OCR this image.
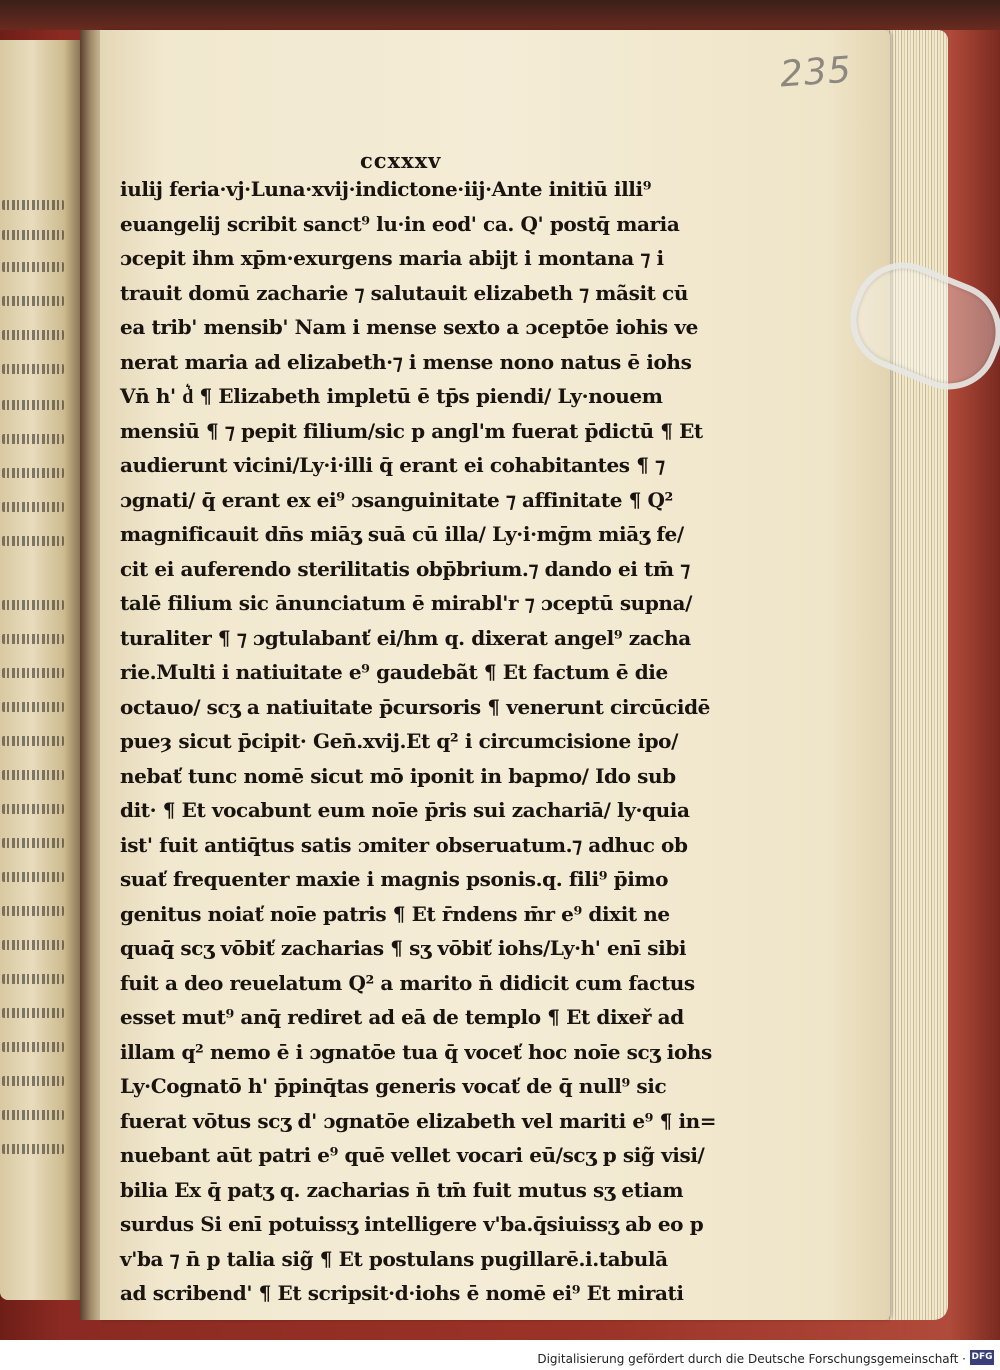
235
ccxxxv
iulij feria·vj·Luna·xvij·indictone·iij·Ante initiū illi⁹
euangelij scribit sanct⁹ lu·in eod' ca. Q' postq̄ maria
ɔcepit ihm xp̄m·exurgens maria abijt i montana ⁊ i
trauit domū zacharie ⁊ salutauit elizabeth ⁊ mãsit cū
ea trib' mensib' Nam i mense sexto a ɔceptōe iohis ve
nerat maria ad elizabeth·⁊ i mense nono natus ē iohs
Vn̄ h' d͛ ¶ Elizabeth impletū ē tp̄s piendi/ Ly·nouem
mensiū ¶ ⁊ pepit filium/sic p angl'm fuerat p̄dictū ¶ Et
audierunt vicini/Ly·i·illi q̄ erant ei cohabitantes ¶ ⁊
ɔgnati/ q̄ erant ex ei⁹ ɔsanguinitate ⁊ affinitate ¶ Q²
magnificauit dn̄s miāʒ suā cū illa/ Ly·i·mḡm miāʒ fe/
cit ei auferendo sterilitatis obp̄brium.⁊ dando ei tm̄ ⁊
talē filium sic ānunciatum ē mirabl'r ⁊ ɔceptū supna/
turaliter ¶ ⁊ ɔgtulabanť ei/hm q. dixerat angel⁹ zacha
rie.Multi i natiuitate e⁹ gaudebãt ¶ Et factum ē die
octauo/ scʒ a natiuitate p̄cursoris ¶ venerunt circūcidē
pueȝ sicut p̄cipit· Gen̄.xvij.Et q² i circumcisione ipo/
nebať tunc nomē sicut mō iponit in bapmo/ Ido sub
dit· ¶ Et vocabunt eum noīe p̄ris sui zachariā/ ly·quia
ist' fuit antiq̄tus satis ɔmiter obseruatum.⁊ adhuc ob
suať frequenter maxie i magnis psonis.q. fili⁹ p̄imo
genitus noiať noīe patris ¶ Et r̄ndens m̄r e⁹ dixit ne
quaq̄ scʒ vōbiť zacharias ¶ sʒ vōbiť iohs/Ly·h' enī sibi
fuit a deo reuelatum Q² a marito n̄ didicit cum factus
esset mut⁹ anq̄ rediret ad eā de templo ¶ Et dixeř ad
illam q² nemo ē i ɔgnatōe tua q̄ voceť hoc noīe scʒ iohs
Ly·Cognatō h' p̄pinq̄tas generis vocať de q̄ null⁹ sic
fuerat vōtus scʒ d' ɔgnatōe elizabeth vel mariti e⁹ ¶ in=
nuebant aūt patri e⁹ quē vellet vocari eū/scʒ p sig̃ visi/
bilia Ex q̄ patʒ q. zacharias n̄ tm̄ fuit mutus sʒ etiam
surdus Si enī potuissʒ intelligere v'ba.q̄siuissʒ ab eo p
v'ba ⁊ n̄ p talia sig̃ ¶ Et postulans pugillarē.i.tabulā
ad scribend' ¶ Et scripsit·d·iohs ē nomē ei⁹ Et mirati
Digitalisierung gefördert durch die Deutsche Forschungsgemeinschaft · DFG
